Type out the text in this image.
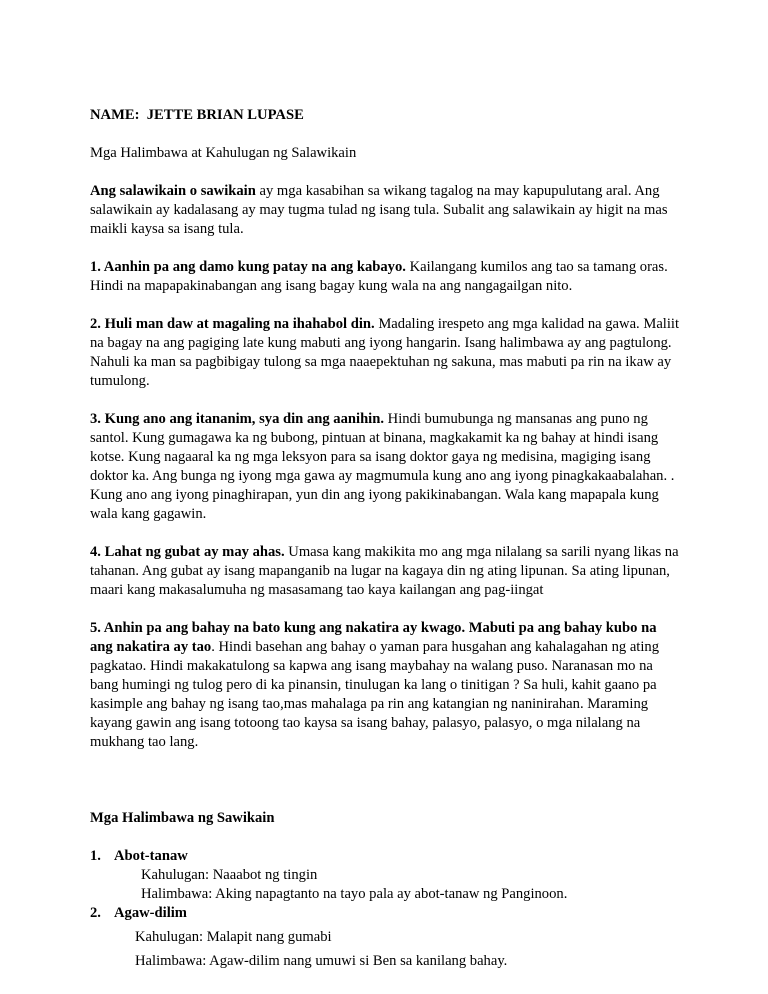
NAME: JETTE BRIAN LUPASE

Mga Halimbawa at Kahulugan ng Salawikain

Ang salawikain o sawikain ay mga kasabihan sa wikang tagalog na may kapupulutang aral. Ang salawikain ay kadalasang ay may tugma tulad ng isang tula. Subalit ang salawikain ay higit na mas maikli kaysa sa isang tula.

1. Aanhin pa ang damo kung patay na ang kabayo. Kailangang kumilos ang tao sa tamang oras. Hindi na mapapakinabangan ang isang bagay kung wala na ang nangagailgan nito.

2. Huli man daw at magaling na ihahabol din. Madaling irespeto ang mga kalidad na gawa. Maliit na bagay na ang pagiging late kung mabuti ang iyong hangarin. Isang halimbawa ay ang pagtulong. Nahuli ka man sa pagbibigay tulong sa mga naaepektuhan ng sakuna, mas mabuti pa rin na ikaw ay tumulong.

3. Kung ano ang itananim, sya din ang aanihin. Hindi bumubunga ng mansanas ang puno ng santol. Kung gumagawa ka ng bubong, pintuan at binana, magkakamit ka ng bahay at hindi isang kotse. Kung nagaaral ka ng mga leksyon para sa isang doktor gaya ng medisina, magiging isang doktor ka. Ang bunga ng iyong mga gawa ay magmumula kung ano ang iyong pinagkakaabalahan. . Kung ano ang iyong pinaghirapan, yun din ang iyong pakikinabangan. Wala kang mapapala kung wala kang gagawin.

4. Lahat ng gubat ay may ahas. Umasa kang makikita mo ang mga nilalang sa sarili nyang likas na tahanan. Ang gubat ay isang mapanganib na lugar na kagaya din ng ating lipunan. Sa ating lipunan, maari kang makasalumuha ng masasamang tao kaya kailangan ang pag-iingat

5. Anhin pa ang bahay na bato kung ang nakatira ay kwago. Mabuti pa ang bahay kubo na ang nakatira ay tao. Hindi basehan ang bahay o yaman para husgahan ang kahalagahan ng ating pagkatao. Hindi makakatulong sa kapwa ang isang maybahay na walang puso. Naranasan mo na bang humingi ng tulog pero di ka pinansin, tinulugan ka lang o tinitigan ? Sa huli, kahit gaano pa kasimple ang bahay ng isang tao,mas mahalaga pa rin ang katangian ng naninirahan. Maraming kayang gawin ang isang totoong tao kaysa sa isang bahay, palasyo, palasyo, o mga nilalang na mukhang tao lang.

Mga Halimbawa ng Sawikain

1. Abot-tanaw

Kahulugan: Naaabot ng tingin

Halimbawa: Aking napagtanto na tayo pala ay abot-tanaw ng Panginoon.

2. Agaw-dilim

Kahulugan: Malapit nang gumabi

Halimbawa: Agaw-dilim nang umuwi si Ben sa kanilang bahay.
